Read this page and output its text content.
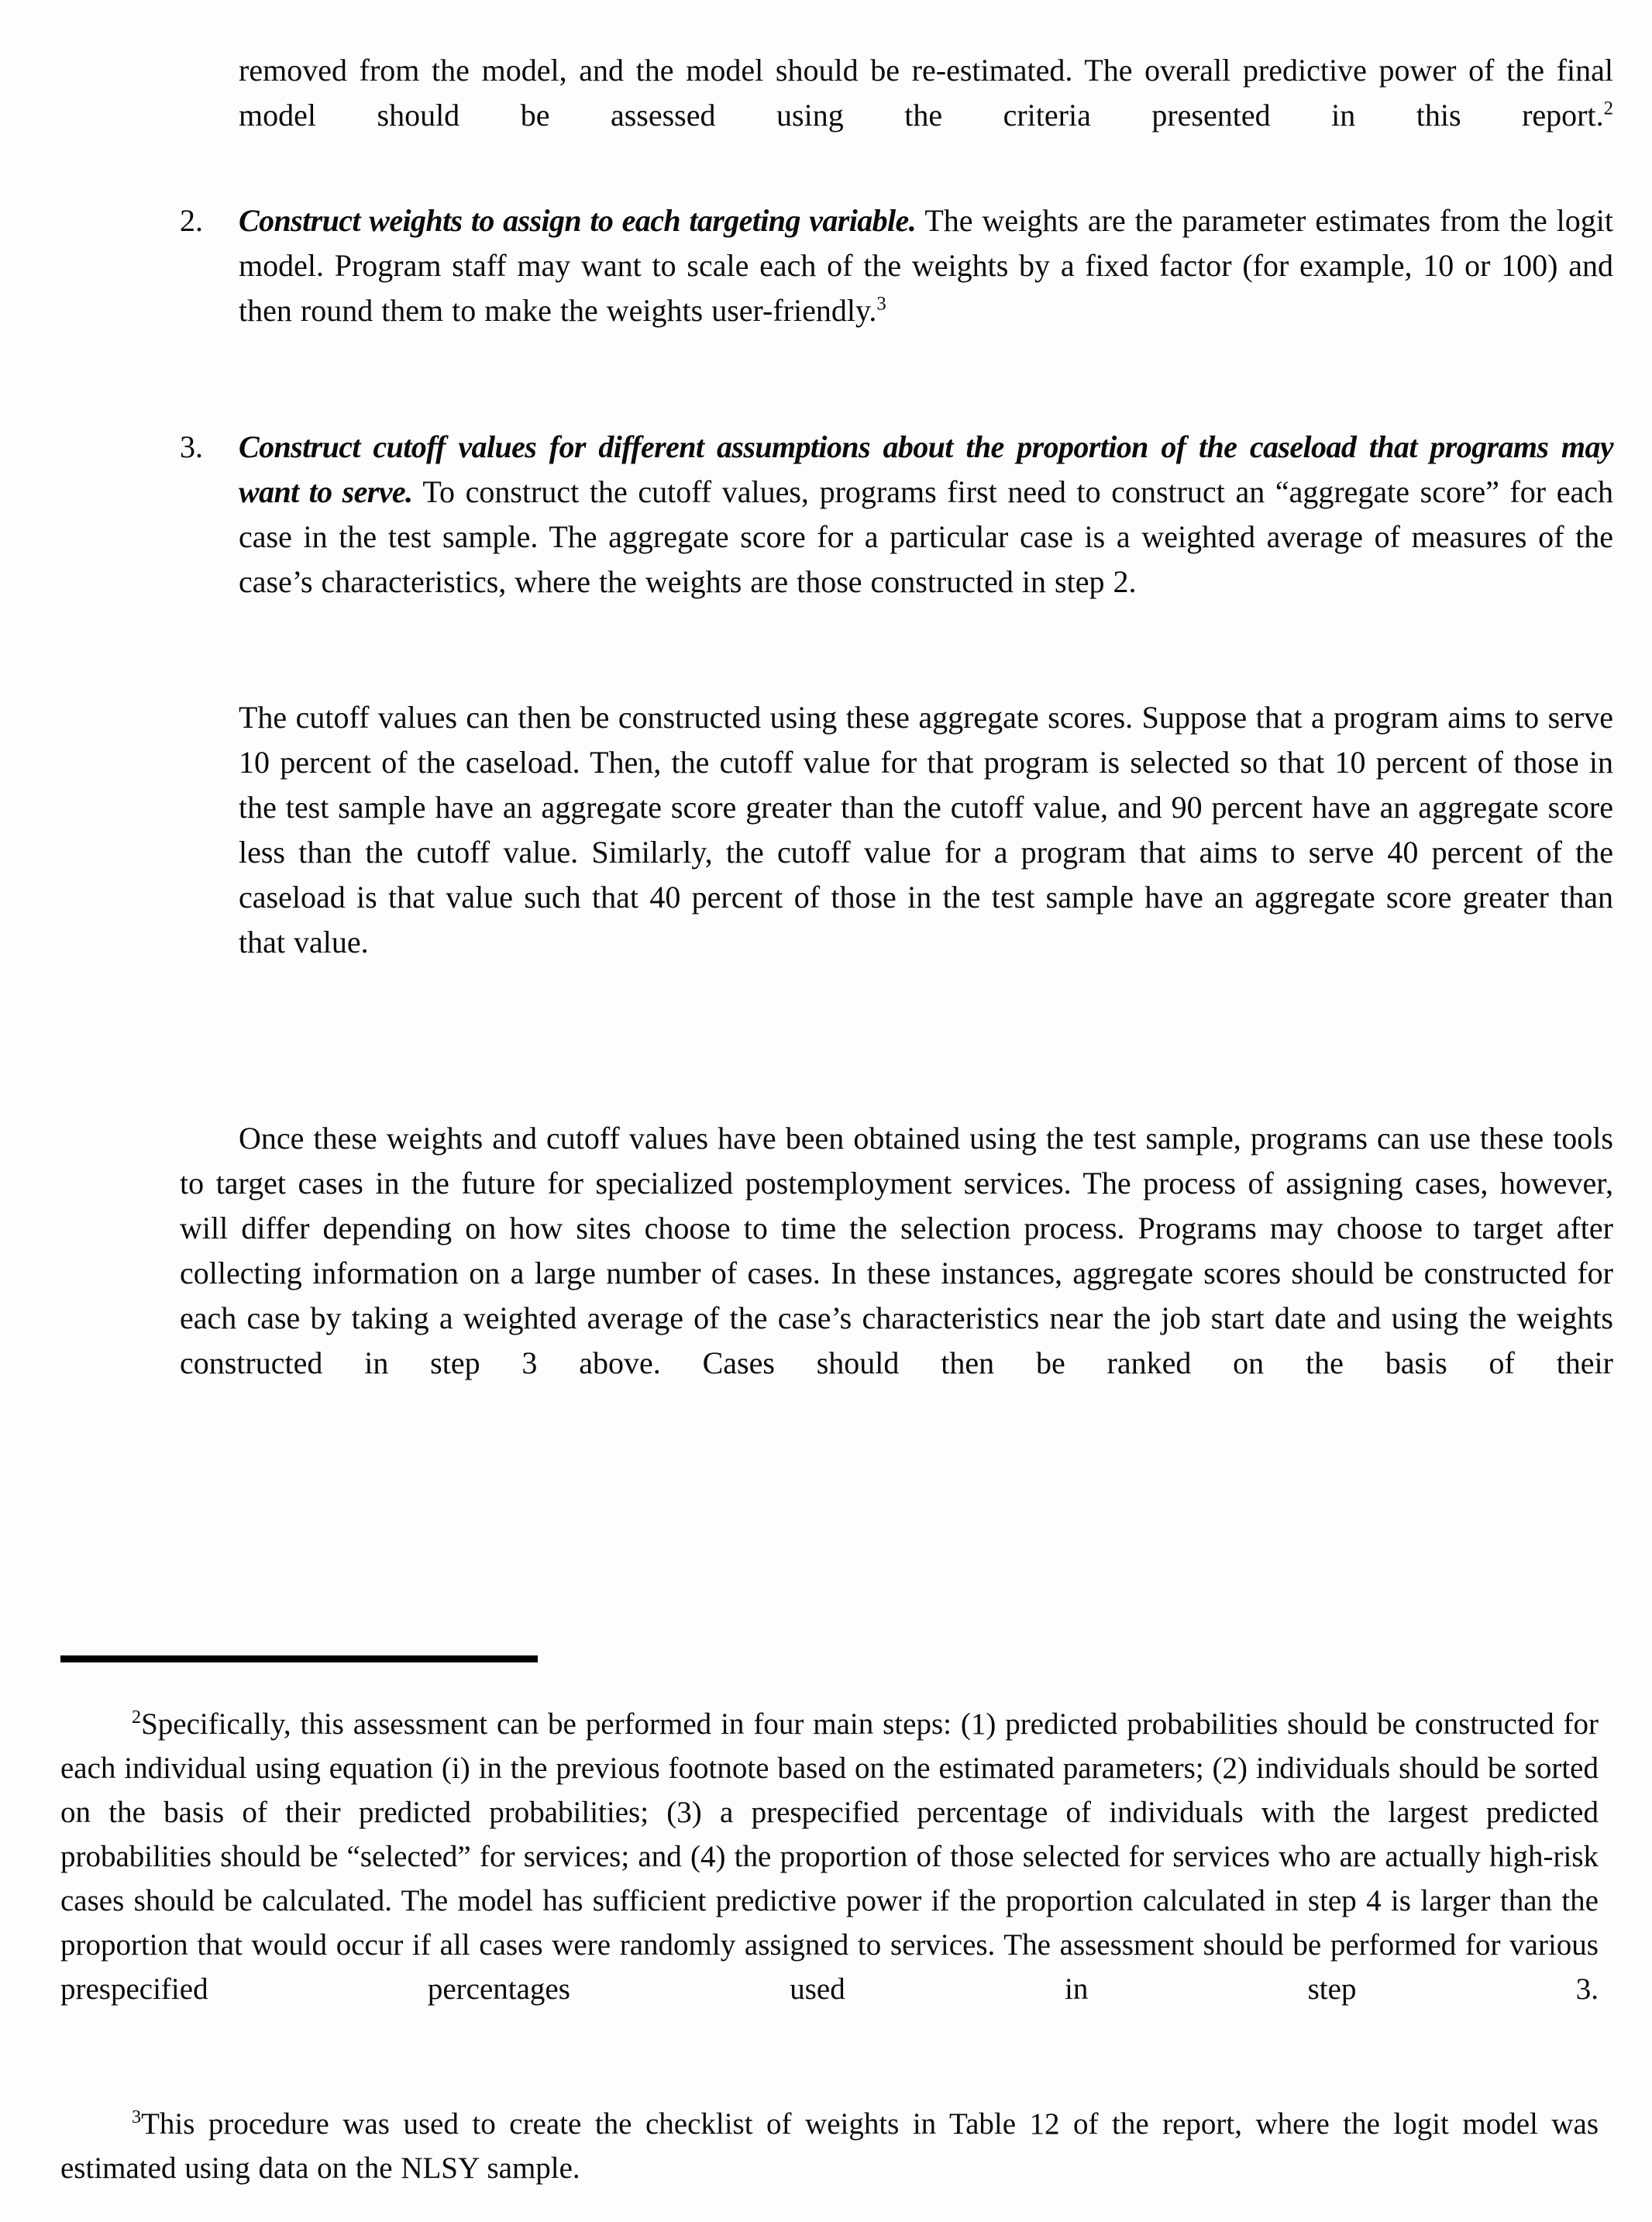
removed from the model, and the model should be re-estimated. The overall predictive power of the final model should be assessed using the criteria presented in this report.$^2$

2. Construct weights to assign to each targeting variable. The weights are the parameter estimates from the logit model. Program staff may want to scale each of the weights by a fixed factor (for example, 10 or 100) and then round them to make the weights user-friendly.$^3$

3. Construct cutoff values for different assumptions about the proportion of the caseload that programs may want to serve. To construct the cutoff values, programs first need to construct an “aggregate score” for each case in the test sample. The aggregate score for a particular case is a weighted average of measures of the case’s characteristics, where the weights are those constructed in step 2.

The cutoff values can then be constructed using these aggregate scores. Suppose that a program aims to serve 10 percent of the caseload. Then, the cutoff value for that program is selected so that 10 percent of those in the test sample have an aggregate score greater than the cutoff value, and 90 percent have an aggregate score less than the cutoff value. Similarly, the cutoff value for a program that aims to serve 40 percent of the caseload is that value such that 40 percent of those in the test sample have an aggregate score greater than that value.

Once these weights and cutoff values have been obtained using the test sample, programs can use these tools to target cases in the future for specialized postemployment services. The process of assigning cases, however, will differ depending on how sites choose to time the selection process. Programs may choose to target after collecting information on a large number of cases. In these instances, aggregate scores should be constructed for each case by taking a weighted average of the case’s characteristics near the job start date and using the weights constructed in step 3 above. Cases should then be ranked on the basis of their

$^2$Specifically, this assessment can be performed in four main steps: (1) predicted probabilities should be constructed for each individual using equation (i) in the previous footnote based on the estimated parameters; (2) individuals should be sorted on the basis of their predicted probabilities; (3) a prespecified percentage of individuals with the largest predicted probabilities should be “selected” for services; and (4) the proportion of those selected for services who are actually high-risk cases should be calculated. The model has sufficient predictive power if the proportion calculated in step 4 is larger than the proportion that would occur if all cases were randomly assigned to services. The assessment should be performed for various prespecified percentages used in step 3.

$^3$This procedure was used to create the checklist of weights in Table 12 of the report, where the logit model was estimated using data on the NLSY sample.
